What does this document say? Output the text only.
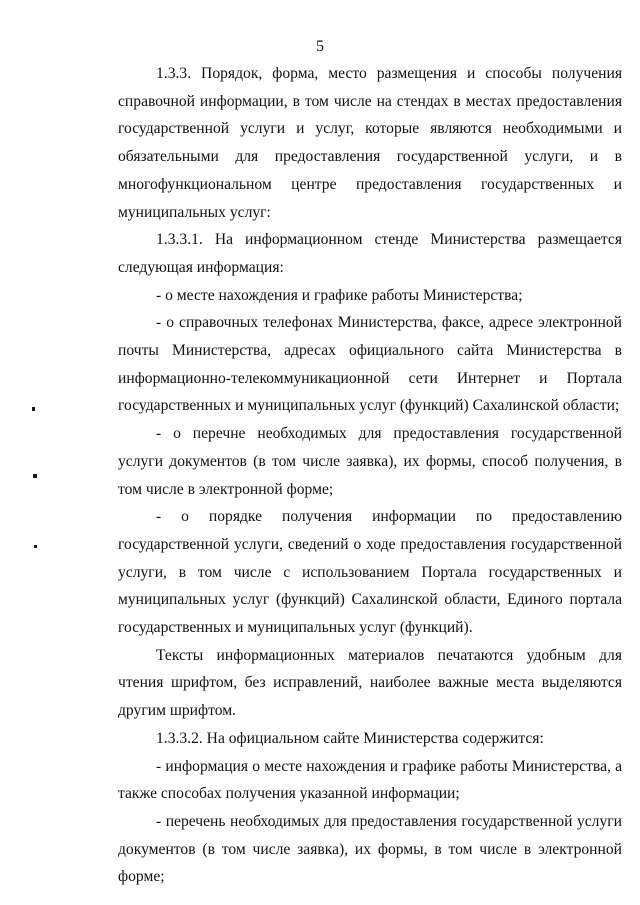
5

1.3.3. Порядок, форма, место размещения и способы получения справочной информации, в том числе на стендах в местах предоставления государственной услуги и услуг, которые являются необходимыми и обязательными для предоставления государственной услуги, и в многофункциональном центре предоставления государственных и муниципальных услуг:

1.3.3.1. На информационном стенде Министерства размещается следующая информация:

- о месте нахождения и графике работы Министерства;

- о справочных телефонах Министерства, факсе, адресе электронной почты Министерства, адресах официального сайта Министерства в информационно-телекоммуникационной сети Интернет и Портала государственных и муниципальных услуг (функций) Сахалинской области;

- о перечне необходимых для предоставления государственной услуги документов (в том числе заявка), их формы, способ получения, в том числе в электронной форме;

- о порядке получения информации по предоставлению государственной услуги, сведений о ходе предоставления государственной услуги, в том числе с использованием Портала государственных и муниципальных услуг (функций) Сахалинской области, Единого портала государственных и муниципальных услуг (функций).

Тексты информационных материалов печатаются удобным для чтения шрифтом, без исправлений, наиболее важные места выделяются другим шрифтом.

1.3.3.2. На официальном сайте Министерства содержится:

- информация о месте нахождения и графике работы Министерства, а также способах получения указанной информации;

- перечень необходимых для предоставления государственной услуги документов (в том числе заявка), их формы, в том числе в электронной форме;
